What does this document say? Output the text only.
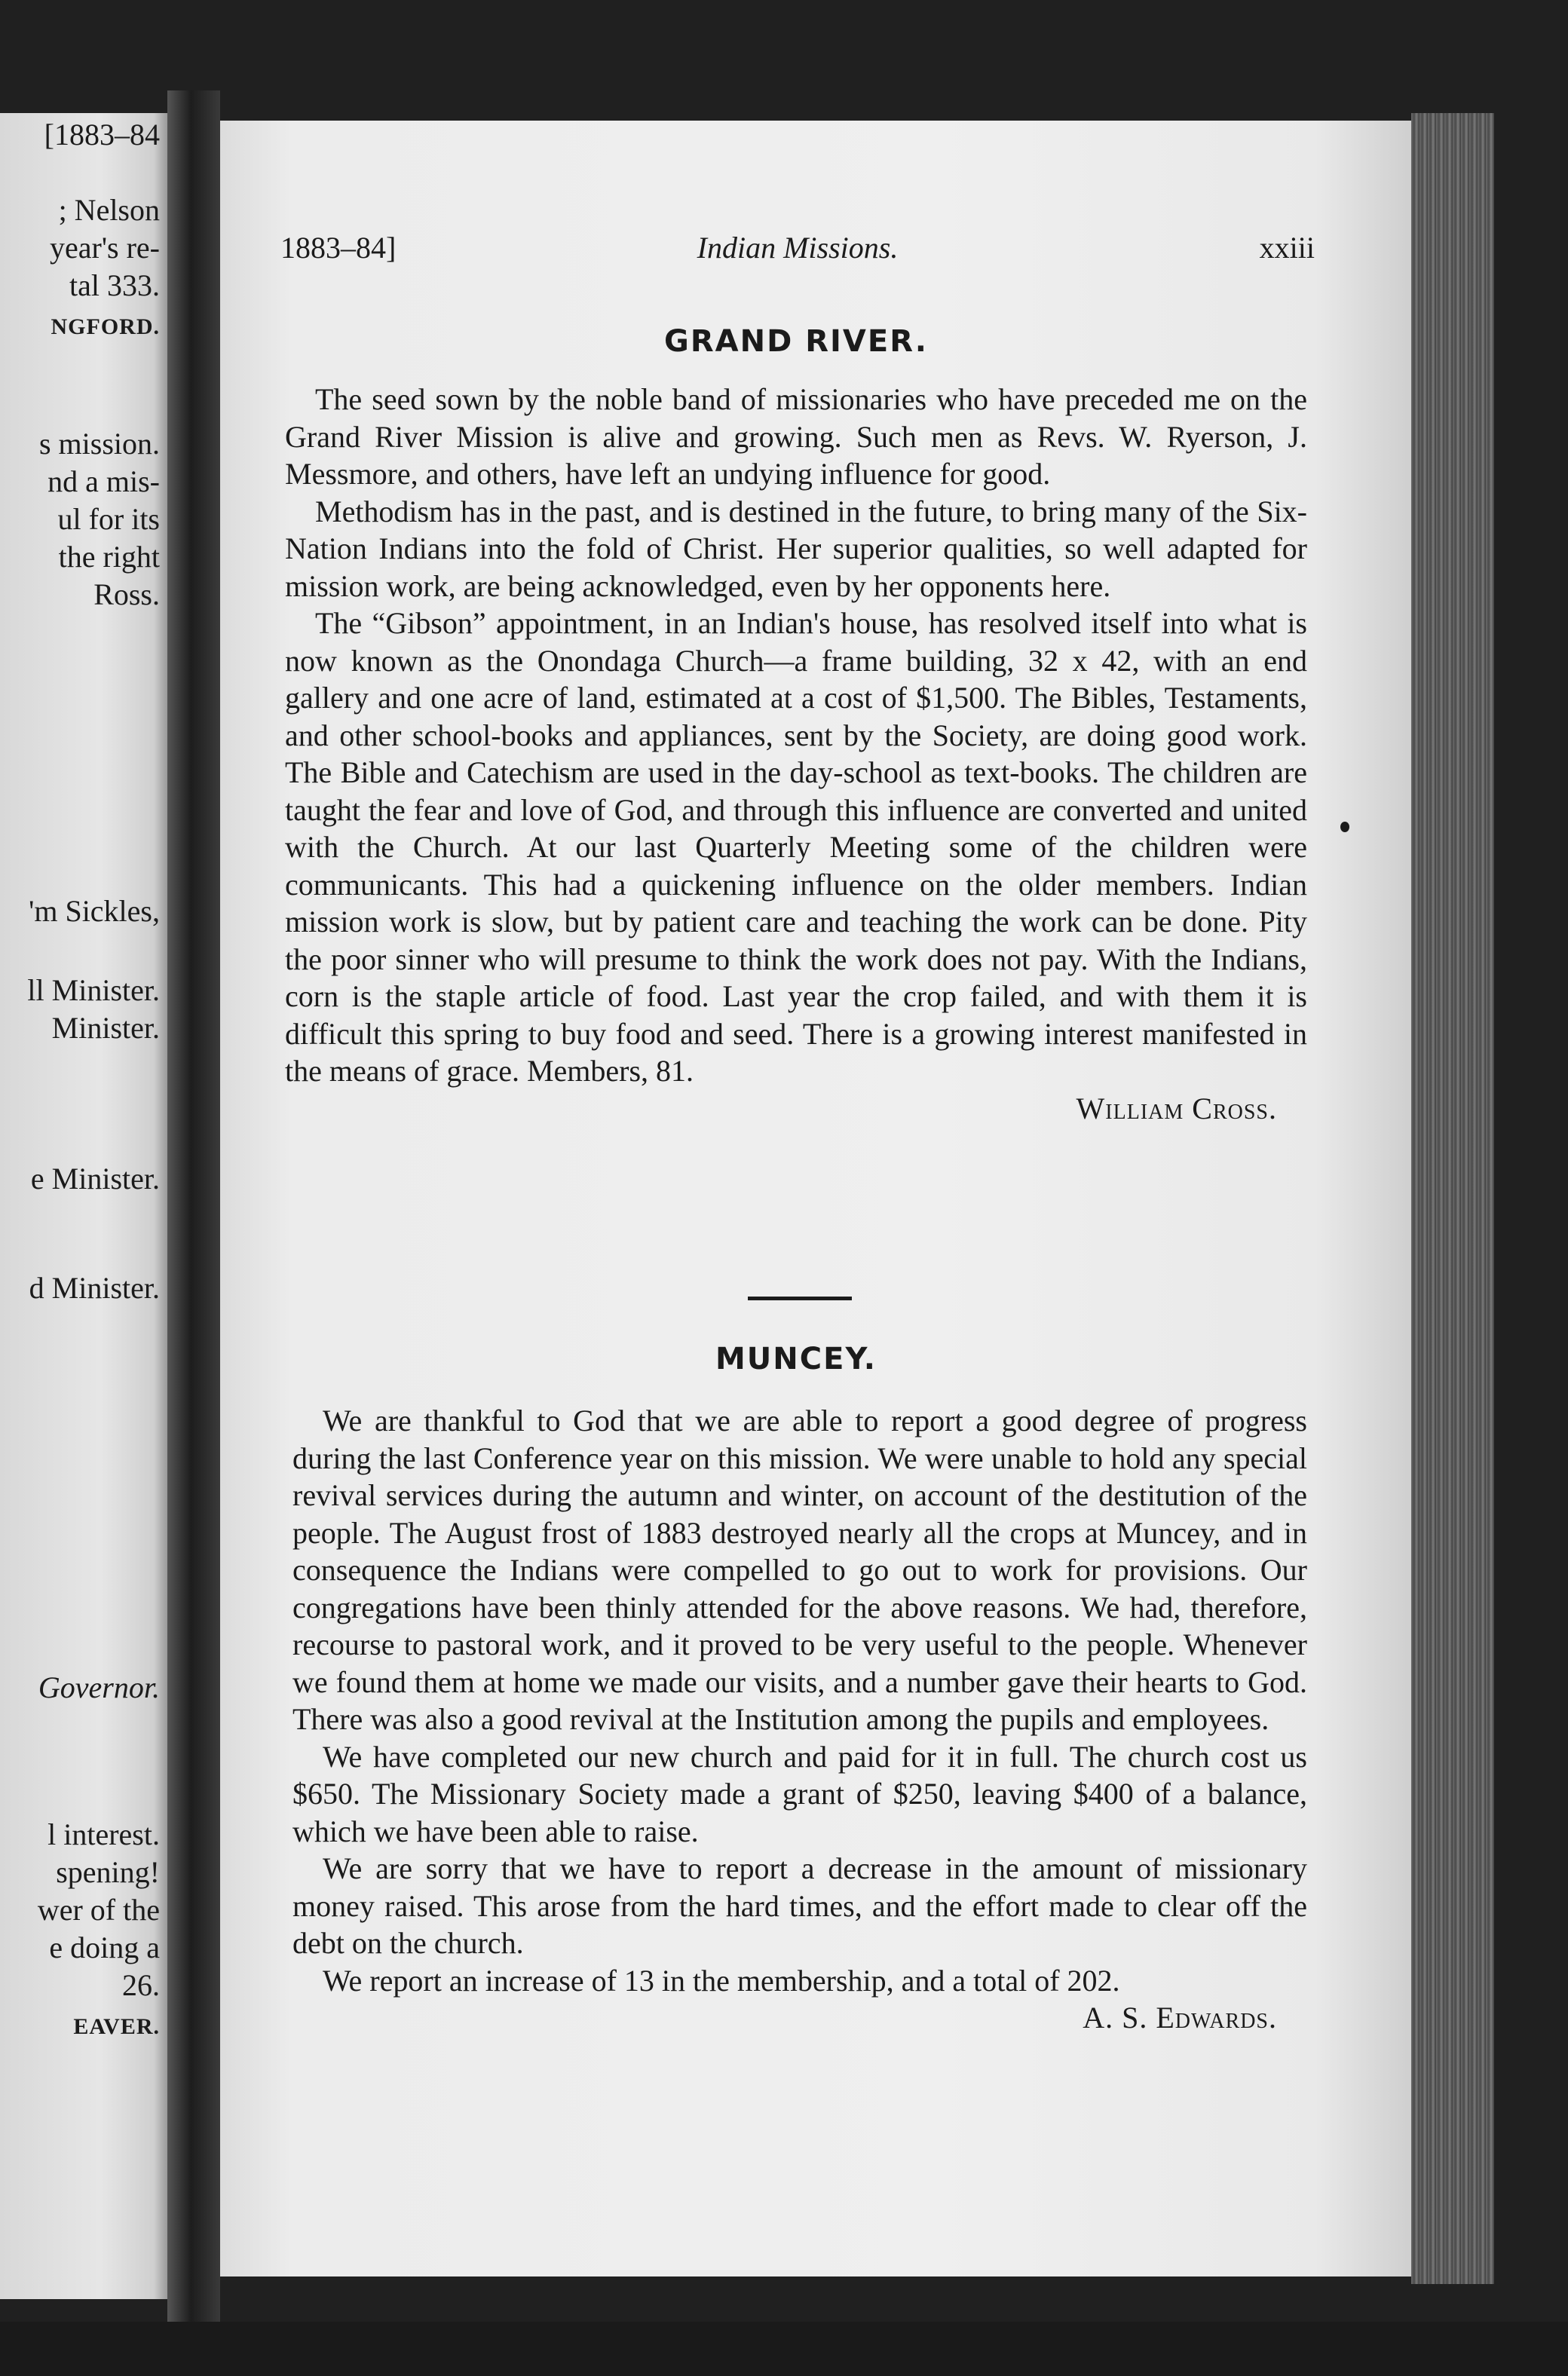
[1883–84
; Nelson
year's re-
tal 333.
NGFORD.
s mission.
nd a mis-
ul for its
the right
Ross.
'm Sickles,
ll Minister.
Minister.
e Minister.
d Minister.
Governor.
l interest.
spening!
wer of the
e doing a
26.
EAVER.
1883–84]	Indian Missions.	xxiii
GRAND RIVER.

The seed sown by the noble band of missionaries who have preceded me on the Grand River Mission is alive and growing. Such men as Revs. W. Ryerson, J. Messmore, and others, have left an undying influence for good.

Methodism has in the past, and is destined in the future, to bring many of the Six-Nation Indians into the fold of Christ. Her superior qualities, so well adapted for mission work, are being acknowledged, even by her opponents here.

The “Gibson” appointment, in an Indian's house, has resolved itself into what is now known as the Onondaga Church—a frame building, 32 x 42, with an end gallery and one acre of land, estimated at a cost of $1,500. The Bibles, Testaments, and other school-books and appliances, sent by the Society, are doing good work. The Bible and Catechism are used in the day-school as text-books. The children are taught the fear and love of God, and through this influence are converted and united with the Church. At our last Quarterly Meeting some of the children were communicants. This had a quickening influence on the older members. Indian mission work is slow, but by patient care and teaching the work can be done. Pity the poor sinner who will presume to think the work does not pay. With the Indians, corn is the staple article of food. Last year the crop failed, and with them it is difficult this spring to buy food and seed. There is a growing interest manifested in the means of grace. Members, 81.

William Cross.
MUNCEY.

We are thankful to God that we are able to report a good degree of progress during the last Conference year on this mission. We were unable to hold any special revival services during the autumn and winter, on account of the destitution of the people. The August frost of 1883 destroyed nearly all the crops at Muncey, and in consequence the Indians were compelled to go out to work for provisions. Our congregations have been thinly attended for the above reasons. We had, therefore, recourse to pastoral work, and it proved to be very useful to the people. Whenever we found them at home we made our visits, and a number gave their hearts to God. There was also a good revival at the Institution among the pupils and employees.

We have completed our new church and paid for it in full. The church cost us $650. The Missionary Society made a grant of $250, leaving $400 of a balance, which we have been able to raise.

We are sorry that we have to report a decrease in the amount of missionary money raised. This arose from the hard times, and the effort made to clear off the debt on the church.

We report an increase of 13 in the membership, and a total of 202.

A. S. Edwards.
